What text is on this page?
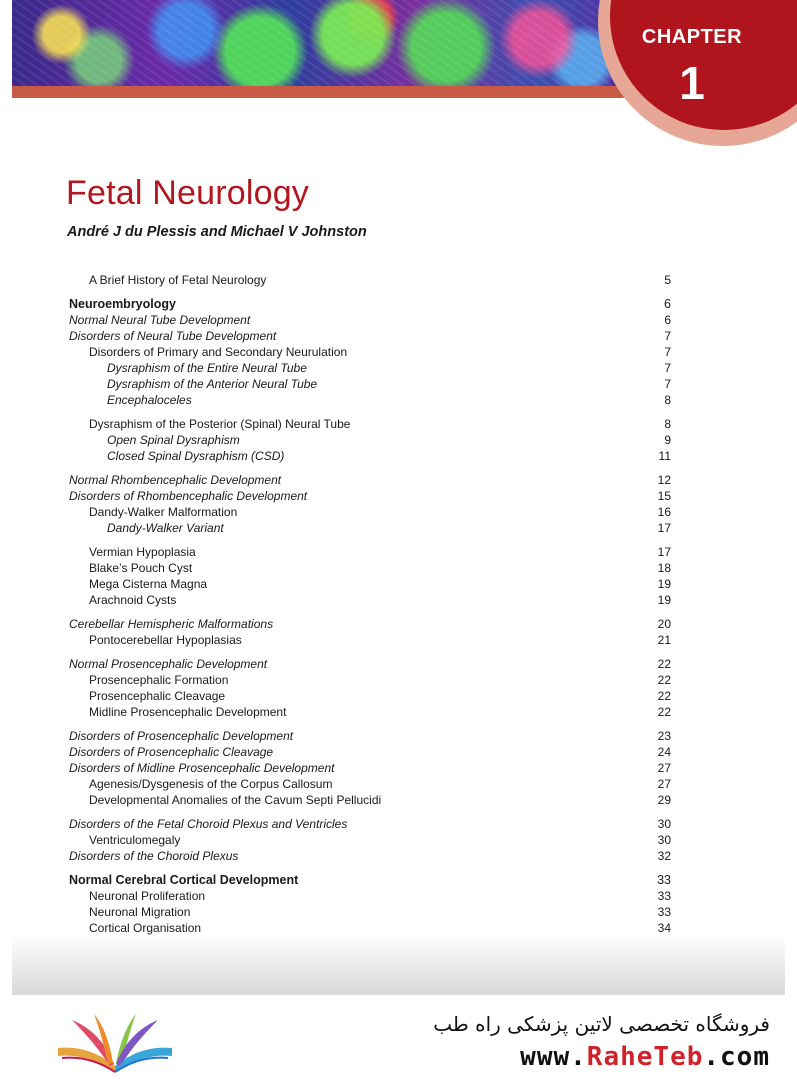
CHAPTER
1
Fetal Neurology

André J du Plessis and Michael V Johnston

A Brief History of Fetal Neurology	5
Neuroembryology	6
Normal Neural Tube Development	6
Disorders of Neural Tube Development	7
Disorders of Primary and Secondary Neurulation	7
Dysraphism of the Entire Neural Tube	7
Dysraphism of the Anterior Neural Tube	7
Encephaloceles	8
Dysraphism of the Posterior (Spinal) Neural Tube	8
Open Spinal Dysraphism	9
Closed Spinal Dysraphism (CSD)	11
Normal Rhombencephalic Development	12
Disorders of Rhombencephalic Development	15
Dandy-Walker Malformation	16
Dandy-Walker Variant	17
Vermian Hypoplasia	17
Blake’s Pouch Cyst	18
Mega Cisterna Magna	19
Arachnoid Cysts	19
Cerebellar Hemispheric Malformations	20
Pontocerebellar Hypoplasias	21
Normal Prosencephalic Development	22
Prosencephalic Formation	22
Prosencephalic Cleavage	22
Midline Prosencephalic Development	22
Disorders of Prosencephalic Development	23
Disorders of Prosencephalic Cleavage	24
Disorders of Midline Prosencephalic Development	27
Agenesis/Dysgenesis of the Corpus Callosum	27
Developmental Anomalies of the Cavum Septi Pellucidi	29
Disorders of the Fetal Choroid Plexus and Ventricles	30
Ventriculomegaly	30
Disorders of the Choroid Plexus	32
Normal Cerebral Cortical Development	33
Neuronal Proliferation	33
Neuronal Migration	33
Cortical Organisation	34
فروشگاه تخصصی لاتین پزشکی راه طب
www.RaheTeb.com
